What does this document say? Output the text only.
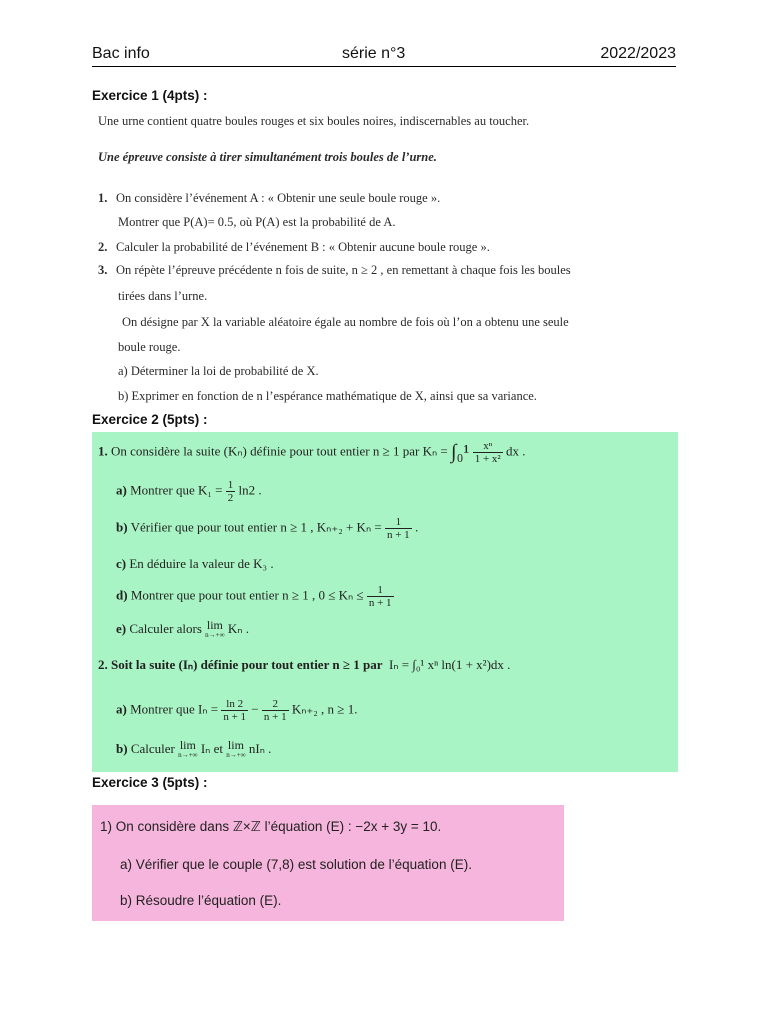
Bac info	série n°3	2022/2023
Exercice 1 (4pts) :
Une urne contient quatre boules rouges et six boules noires, indiscernables au toucher.
Une épreuve consiste à tirer simultanément trois boules de l’urne.
1. On considère l’événement A : « Obtenir une seule boule rouge ».
Montrer que P(A)= 0.5, où P(A) est la probabilité de A.
2. Calculer la probabilité de l’événement B : « Obtenir aucune boule rouge ».
3. On répète l’épreuve précédente n fois de suite, n ≥ 2 , en remettant à chaque fois les boules
tirées dans l’urne.
On désigne par X la variable aléatoire égale au nombre de fois où l’on a obtenu une seule
boule rouge.
a) Déterminer la loi de probabilité de X.
b) Exprimer en fonction de n l’espérance mathématique de X, ainsi que sa variance.
Exercice 2 (5pts) :
1. On considère la suite (Kₙ) définie pour tout entier n ≥ 1 par $K_n = \int_0^1 \frac{\text{xⁿ}}{\text{1 + x²}}$ dx .
a) Montrer que $K_1 = \frac{1}{2} \ln 2$ .
b) Vérifier que pour tout entier n ≥ 1 , $K_{n+2} + K_n = \frac{1}{n + 1}$ .
c) En déduire la valeur de K₃ .
d) Montrer que pour tout entier n ≥ 1 , $0 \le K_n \le \frac{1}{n + 1}$
e) Calculer alors lim
n→+∞ Kₙ .
2. Soit la suite (Iₙ) définie pour tout entier n ≥ 1 par Iₙ = ∫₀¹ xⁿ ln(1 + x²)dx .
a) Montrer que $I_n = \frac{\ln 2}{n + 1} - \frac{2}{n + 1} K_{n+2}$ , n ≥ 1.
b) Calculer lim
n→+∞ Iₙ et lim
n→+∞ nIₙ .
Exercice 3 (5pts) :
1) On considère dans ℤ×ℤ l’équation (E) : −2x + 3y = 10.
a) Vérifier que le couple (7,8) est solution de l’équation (E).
b) Résoudre l’équation (E).
